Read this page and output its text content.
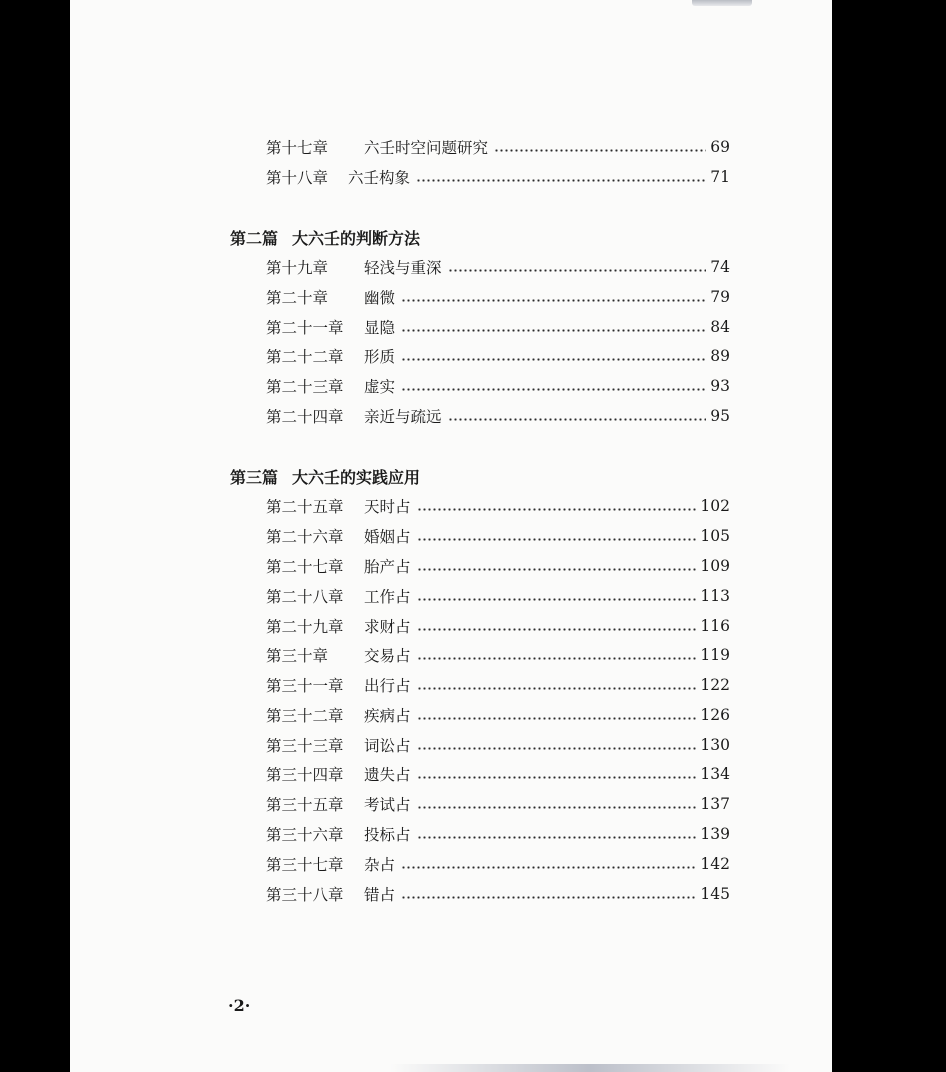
第十七章	六壬时空问题研究	69
第十八章	六壬构象	71
第二篇 大六壬的判断方法
第十九章	轻浅与重深	74
第二十章	幽微	79
第二十一章	显隐	84
第二十二章	形质	89
第二十三章	虚实	93
第二十四章	亲近与疏远	95
第三篇 大六壬的实践应用
第二十五章	天时占	102
第二十六章	婚姻占	105
第二十七章	胎产占	109
第二十八章	工作占	113
第二十九章	求财占	116
第三十章	交易占	119
第三十一章	出行占	122
第三十二章	疾病占	126
第三十三章	词讼占	130
第三十四章	遗失占	134
第三十五章	考试占	137
第三十六章	投标占	139
第三十七章	杂占	142
第三十八章	错占	145
·2·
